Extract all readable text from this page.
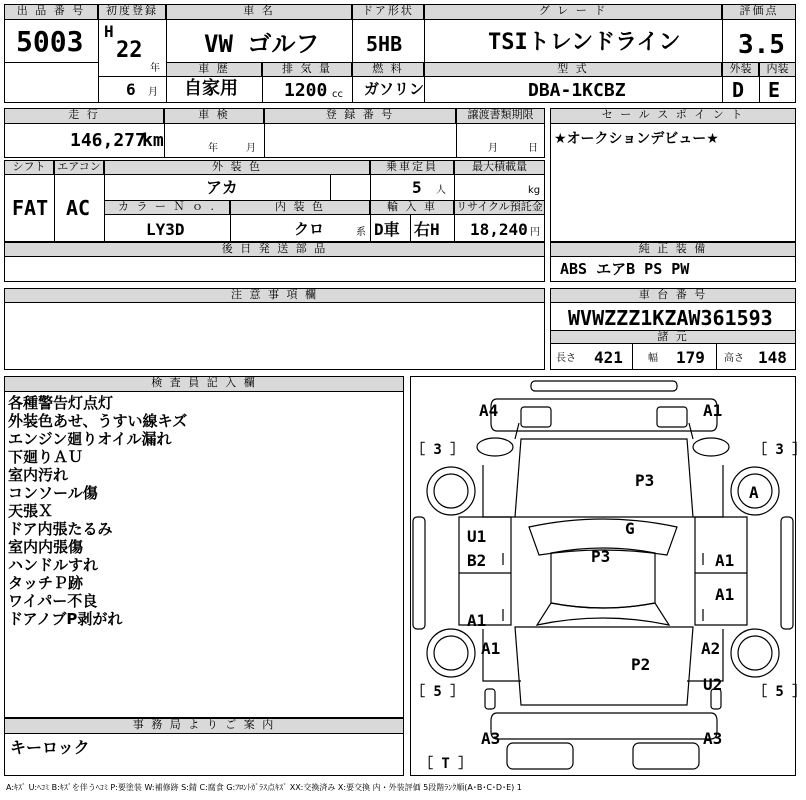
出 品 番 号
5003
初度登録
H
22
年
6 月
車 名
VW ゴルフ
ドア形状
5HB
グ レ ー ド
TSIトレンドライン
評価点
3.5
車 歴
自家用
排 気 量
1200 cc
燃 料
ガソリン
型 式
DBA-1KCBZ
外装	内装
D E
走 行
146,277
km
車 検
年	月
登 録 番 号	譲渡書類期限
月	日
シフト
FAT
エアコン
AC
外 装 色
アカ
乗車定員
5 人
最大積載量
kg
カ ラ ー Ｎ ｏ .
LY3D
内 装 色
クロ	系
輸 入 車
D車 右H
リサイクル預託金
18,240 円
セ ー ル ス ポ イ ン ト
★オークションデビュー★
後 日 発 送 部 品	純 正 装 備
ABS エアB PS PW
注 意 事 項 欄	車 台 番 号
WVWZZZ1KZAW361593
諸 元
長さ 421	幅 179 高さ 148
検 査 員 記 入 欄
各種警告灯点灯
外装色あせ、うすい線キズ
エンジン廻りオイル漏れ
下廻りＡＵ
室内汚れ
コンソール傷
天張Ｘ
ドア内張たるみ
室内内張傷
ハンドルすれ
タッチＰ跡
ワイパー不良
ドアノブP剥がれ
事 務 局 よ り ご 案 内
キーロック
A4	A1
［ 3 ］	［ 3 ］
P3
A
G
U1
P3
B2	A1
A1
A1
A1	A2
P2
［ 5 ］	U2 ［ 5 ］
A3	A3
［ T ］
A:ｷｽﾞ U:ﾍｺﾐ B:ｷｽﾞを伴うﾍｺﾐ P:要塗装 W:補修跡 S:錆 C:腐食 G:ﾌﾛﾝﾄｶﾞﾗｽ点ｷｽﾞ XX:交換済み X:要交換 内・外装評価 5段階ﾗﾝｸ順(A･B･C･D･E) 1
